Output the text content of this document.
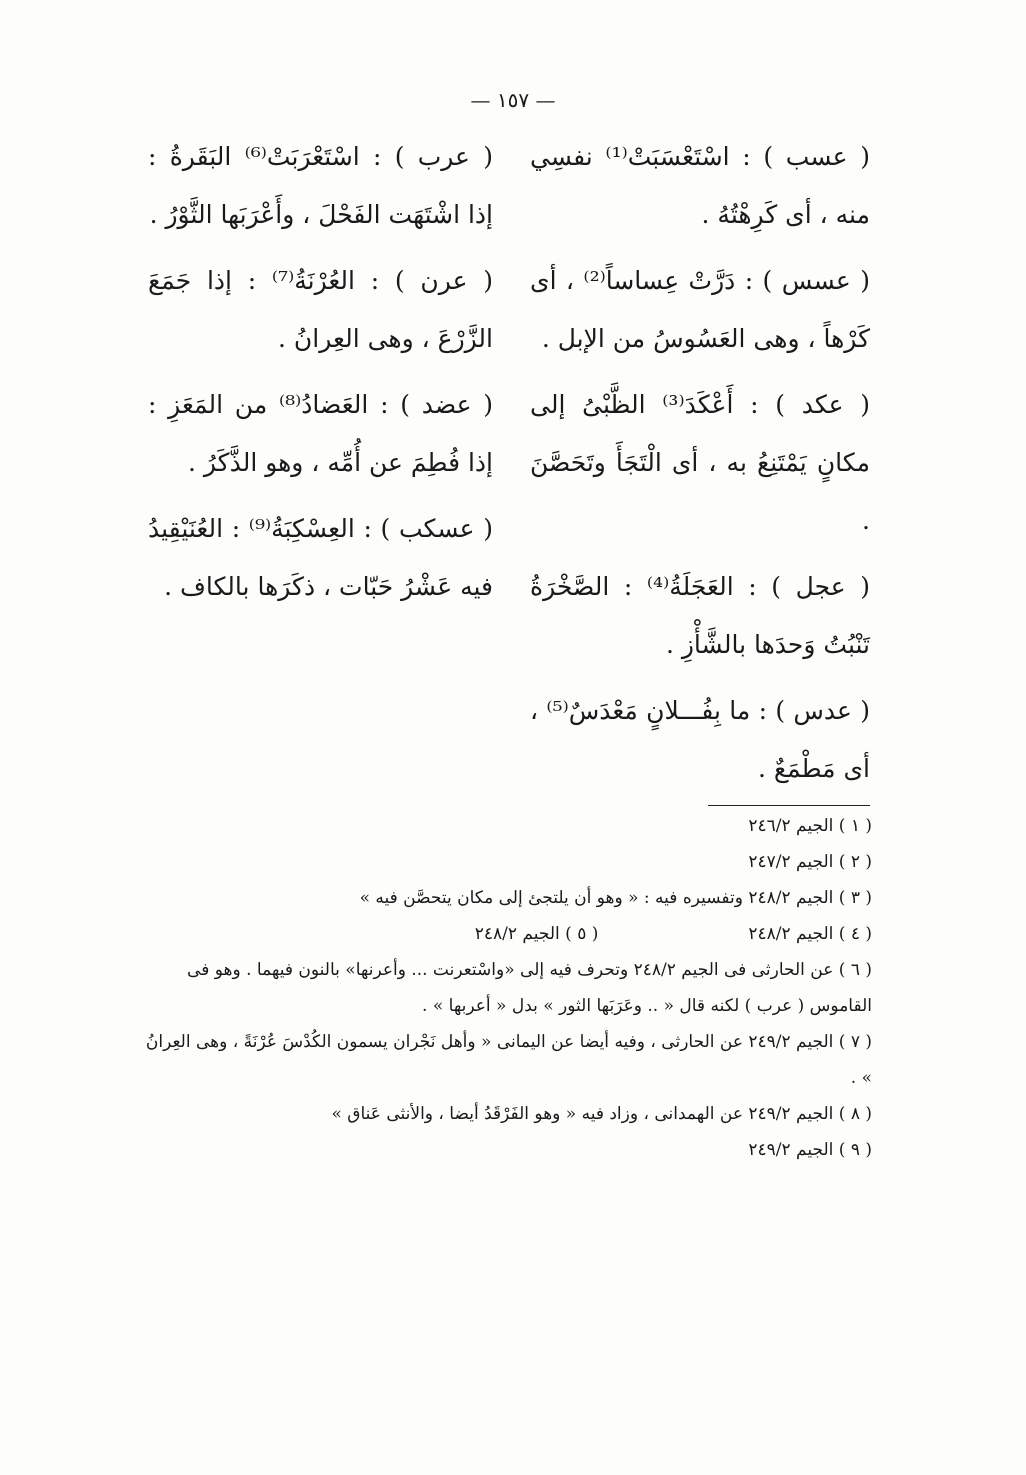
— ١٥٧ —

( عسب ) : اسْتَعْسَبَتْ⁽¹⁾ نفسِي منه ، أى كَرِهْتُهُ .

( عسس ) : دَرَّتْ عِساساً⁽²⁾ ، أى كَرْهاً ، وهى العَسُوسُ من الإبل .

( عكد ) : أَعْكَدَ⁽³⁾ الظَّبْىُ إلى مكانٍ يَمْتَنِعُ به ، أى الْتَجَأَ وتَحَصَّنَ .

( عجل ) : العَجَلَةُ⁽⁴⁾ : الصَّخْرَةُ تَنْبُتُ وَحدَها بالشَّأْزِ .

( عدس ) : ما بِفُـــلانٍ مَعْدَسٌ⁽⁵⁾ ، أى مَطْمَعٌ .

( عرب ) : اسْتَعْرَبَتْ⁽⁶⁾ البَقَرةُ : إذا اشْتَهَت الفَحْلَ ، وأَعْرَبَها الثَّوْرُ .

( عرن ) : العُرْنَةُ⁽⁷⁾ : إذا جَمَعَ الزَّرْعَ ، وهى العِرانُ .

( عضد ) : العَضادُ⁽⁸⁾ من المَعَزِ : إذا فُطِمَ عن أُمِّه ، وهو الذَّكَرُ .

( عسكب ) : العِسْكِبَةُ⁽⁹⁾ : العُنَيْقِيدُ فيه عَشْرُ حَبّات ، ذكَرَها بالكاف .

( ١ ) الجيم ٢٤٦/٢

( ٢ ) الجيم ٢٤٧/٢

( ٣ ) الجيم ٢٤٨/٢ وتفسيره فيه : « وهو أن يلتجئ إلى مكان يتحصَّن فيه »

( ٤ ) الجيم ٢٤٨/٢
( ٥ ) الجيم ٢٤٨/٢

( ٦ ) عن الحارثى فى الجيم ٢٤٨/٢ وتحرف فيه إلى «واسْتعرنت ... وأعرنها» بالنون فيهما . وهو فى القاموس ( عرب ) لكنه قال « .. وعَرَبَها الثور » بدل « أعربها » .

( ٧ ) الجيم ٢٤٩/٢ عن الحارثى ، وفيه أيضا عن اليمانى « وأهل نَجْران يسمون الكُدْسَ عُرْنَةً ، وهى العِرانُ » .

( ٨ ) الجيم ٢٤٩/٢ عن الهمدانى ، وزاد فيه « وهو الفَرْقَدُ أيضا ، والأنثى عَناق »

( ٩ ) الجيم ٢٤٩/٢
